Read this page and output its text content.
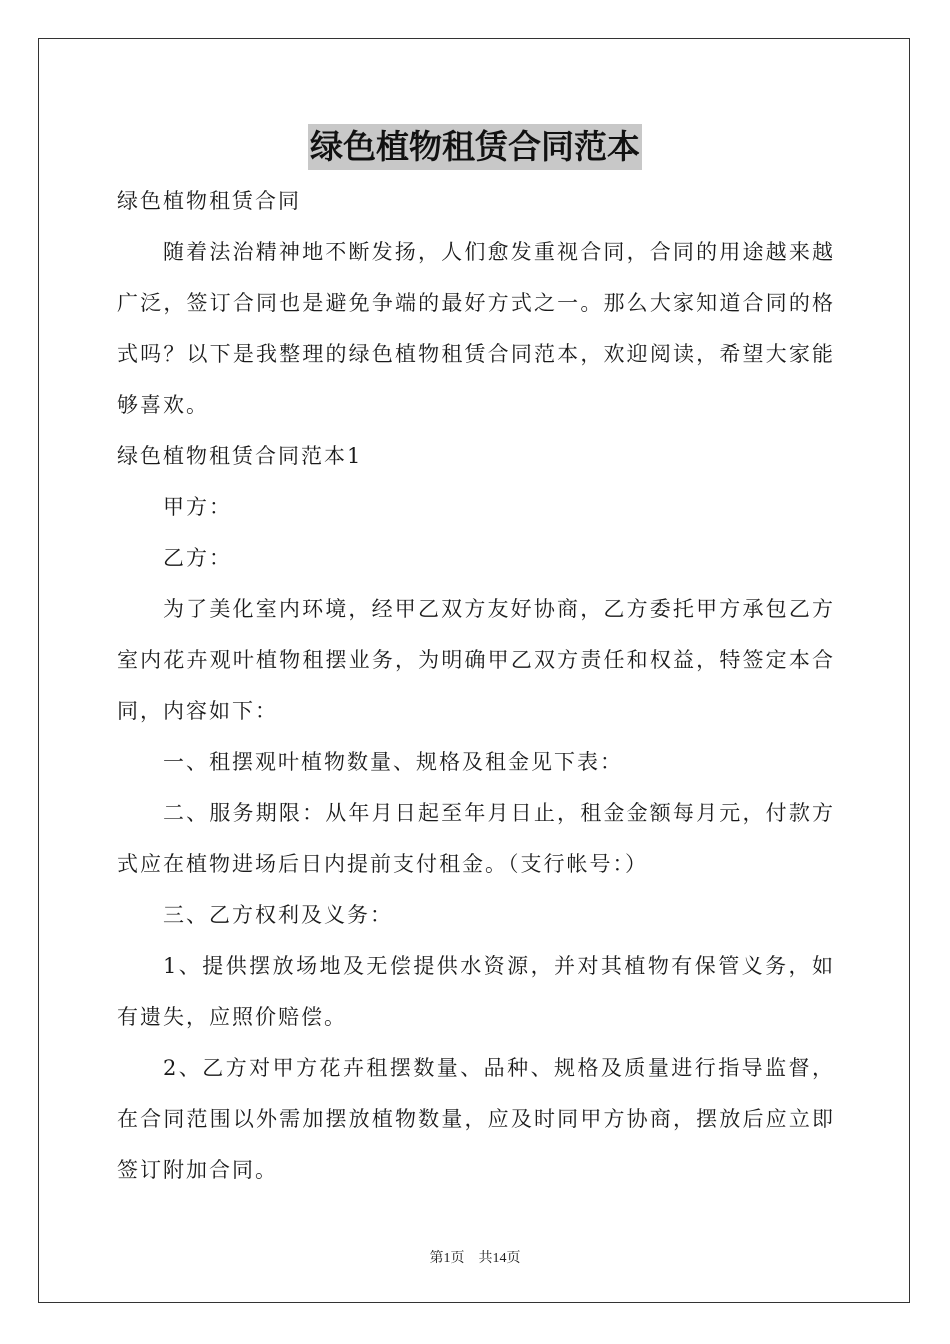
绿色植物租赁合同范本

绿色植物租赁合同

随着法治精神地不断发扬，人们愈发重视合同，合同的用途越来越广泛，签订合同也是避免争端的最好方式之一。那么大家知道合同的格式吗？以下是我整理的绿色植物租赁合同范本，欢迎阅读，希望大家能够喜欢。

绿色植物租赁合同范本1

甲方：

乙方：

为了美化室内环境，经甲乙双方友好协商，乙方委托甲方承包乙方室内花卉观叶植物租摆业务，为明确甲乙双方责任和权益，特签定本合同，内容如下：

一、租摆观叶植物数量、规格及租金见下表：

二、服务期限：从年月日起至年月日止，租金金额每月元，付款方式应在植物进场后日内提前支付租金。（支行帐号：）

三、乙方权利及义务：

1、提供摆放场地及无偿提供水资源，并对其植物有保管义务，如有遗失，应照价赔偿。

2、乙方对甲方花卉租摆数量、品种、规格及质量进行指导监督，在合同范围以外需加摆放植物数量，应及时同甲方协商，摆放后应立即签订附加合同。

第1页　共14页
